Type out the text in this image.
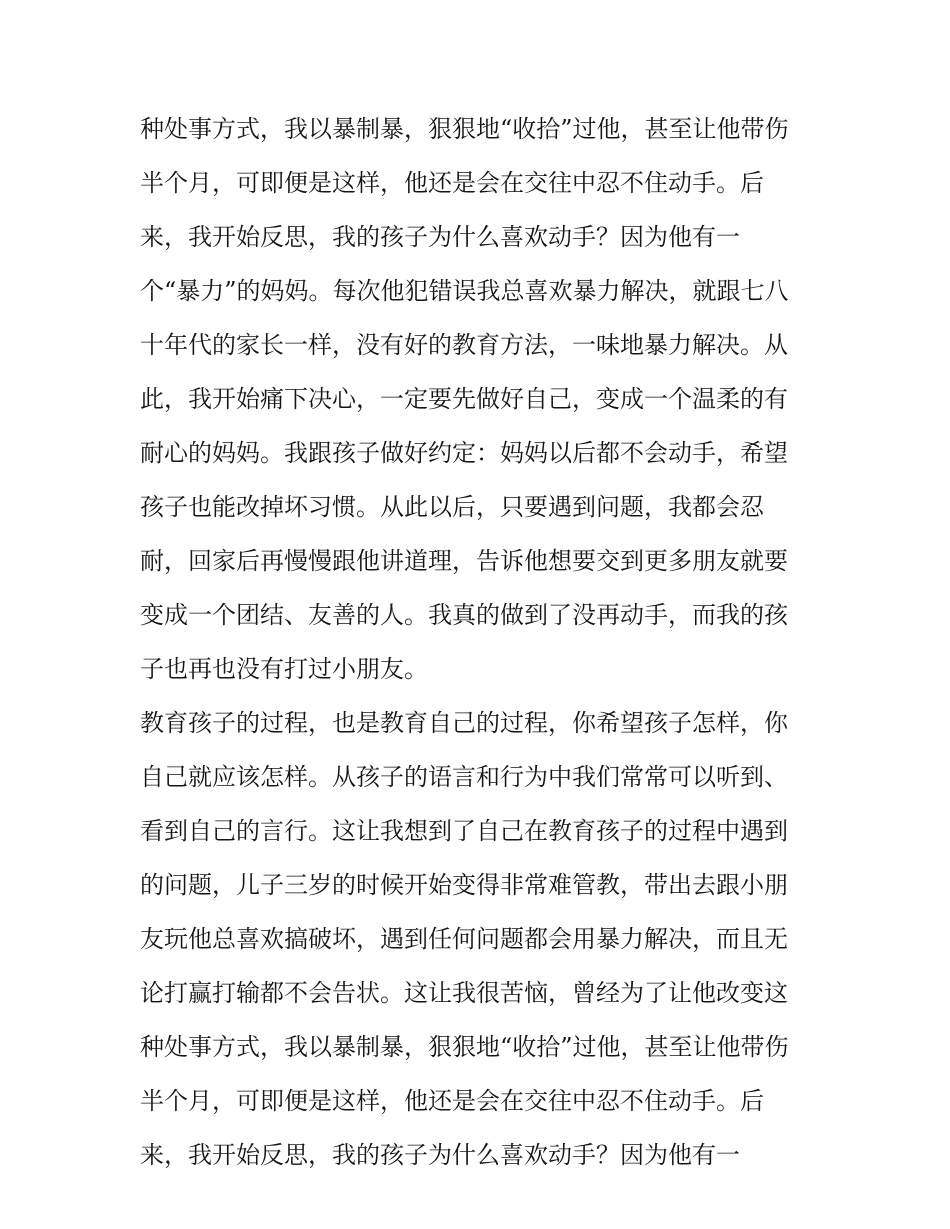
种处事方式，我以暴制暴，狠狠地“收拾”过他，甚至让他带伤
半个月，可即便是这样，他还是会在交往中忍不住动手。后
来，我开始反思，我的孩子为什么喜欢动手？因为他有一
个“暴力”的妈妈。每次他犯错误我总喜欢暴力解决，就跟七八
十年代的家长一样，没有好的教育方法，一味地暴力解决。从
此，我开始痛下决心，一定要先做好自己，变成一个温柔的有
耐心的妈妈。我跟孩子做好约定：妈妈以后都不会动手，希望
孩子也能改掉坏习惯。从此以后，只要遇到问题，我都会忍
耐，回家后再慢慢跟他讲道理，告诉他想要交到更多朋友就要
变成一个团结、友善的人。我真的做到了没再动手，而我的孩
子也再也没有打过小朋友。
教育孩子的过程，也是教育自己的过程，你希望孩子怎样，你
自己就应该怎样。从孩子的语言和行为中我们常常可以听到、
看到自己的言行。这让我想到了自己在教育孩子的过程中遇到
的问题，儿子三岁的时候开始变得非常难管教，带出去跟小朋
友玩他总喜欢搞破坏，遇到任何问题都会用暴力解决，而且无
论打赢打输都不会告状。这让我很苦恼，曾经为了让他改变这
种处事方式，我以暴制暴，狠狠地“收拾”过他，甚至让他带伤
半个月，可即便是这样，他还是会在交往中忍不住动手。后
来，我开始反思，我的孩子为什么喜欢动手？因为他有一
